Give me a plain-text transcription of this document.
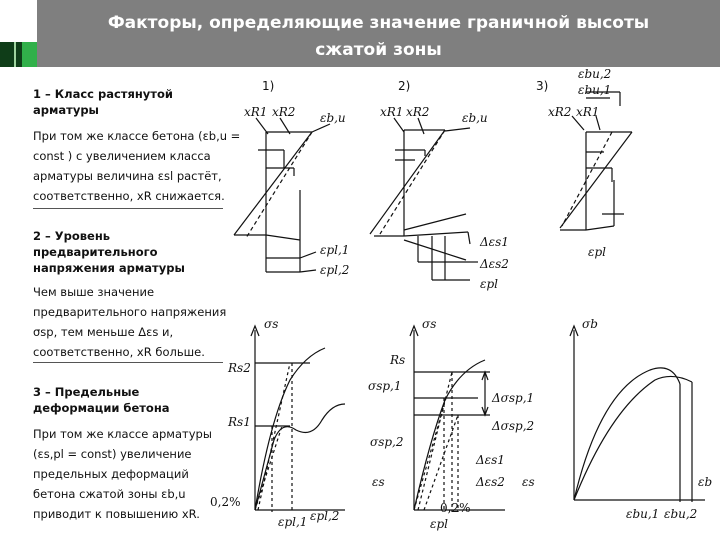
Факторы, определяющие значение граничной высоты
сжатой зоны
1 – Класс растянутой
арматуры
При том же классе бетона (εb,u =
const ) с увеличением класса
арматуры величина εsl растёт,
соответственно, xR снижается.
2 – Уровень
предварительного
напряжения арматуры
Чем выше значение
предварительного напряжения
σsp, тем меньше Δεs и,
соответственно, xR больше.
3 – Предельные
деформации бетона
При том же классе арматуры
(εs,pl = const) увеличение
предельных деформаций
бетона сжатой зоны εb,u
приводит к повышению xR.
1)	2)	3)
xR1 xR2 εb,u	xR1 xR2	εb,u	xR2 xR1
εbu,2
εbu,1
εpl,1
εpl,2
Δεs1
Δεs2
εpl
εpl
σs	σs	σb
Rs2
Rs1
Rs
σsp,1
σsp,2
Δσsp,1
Δσsp,2
Δεs1
Δεs2
εs	εs	εb
0,2%	0,2%
εpl,1 εpl,2
εpl
εbu,1 εbu,2
